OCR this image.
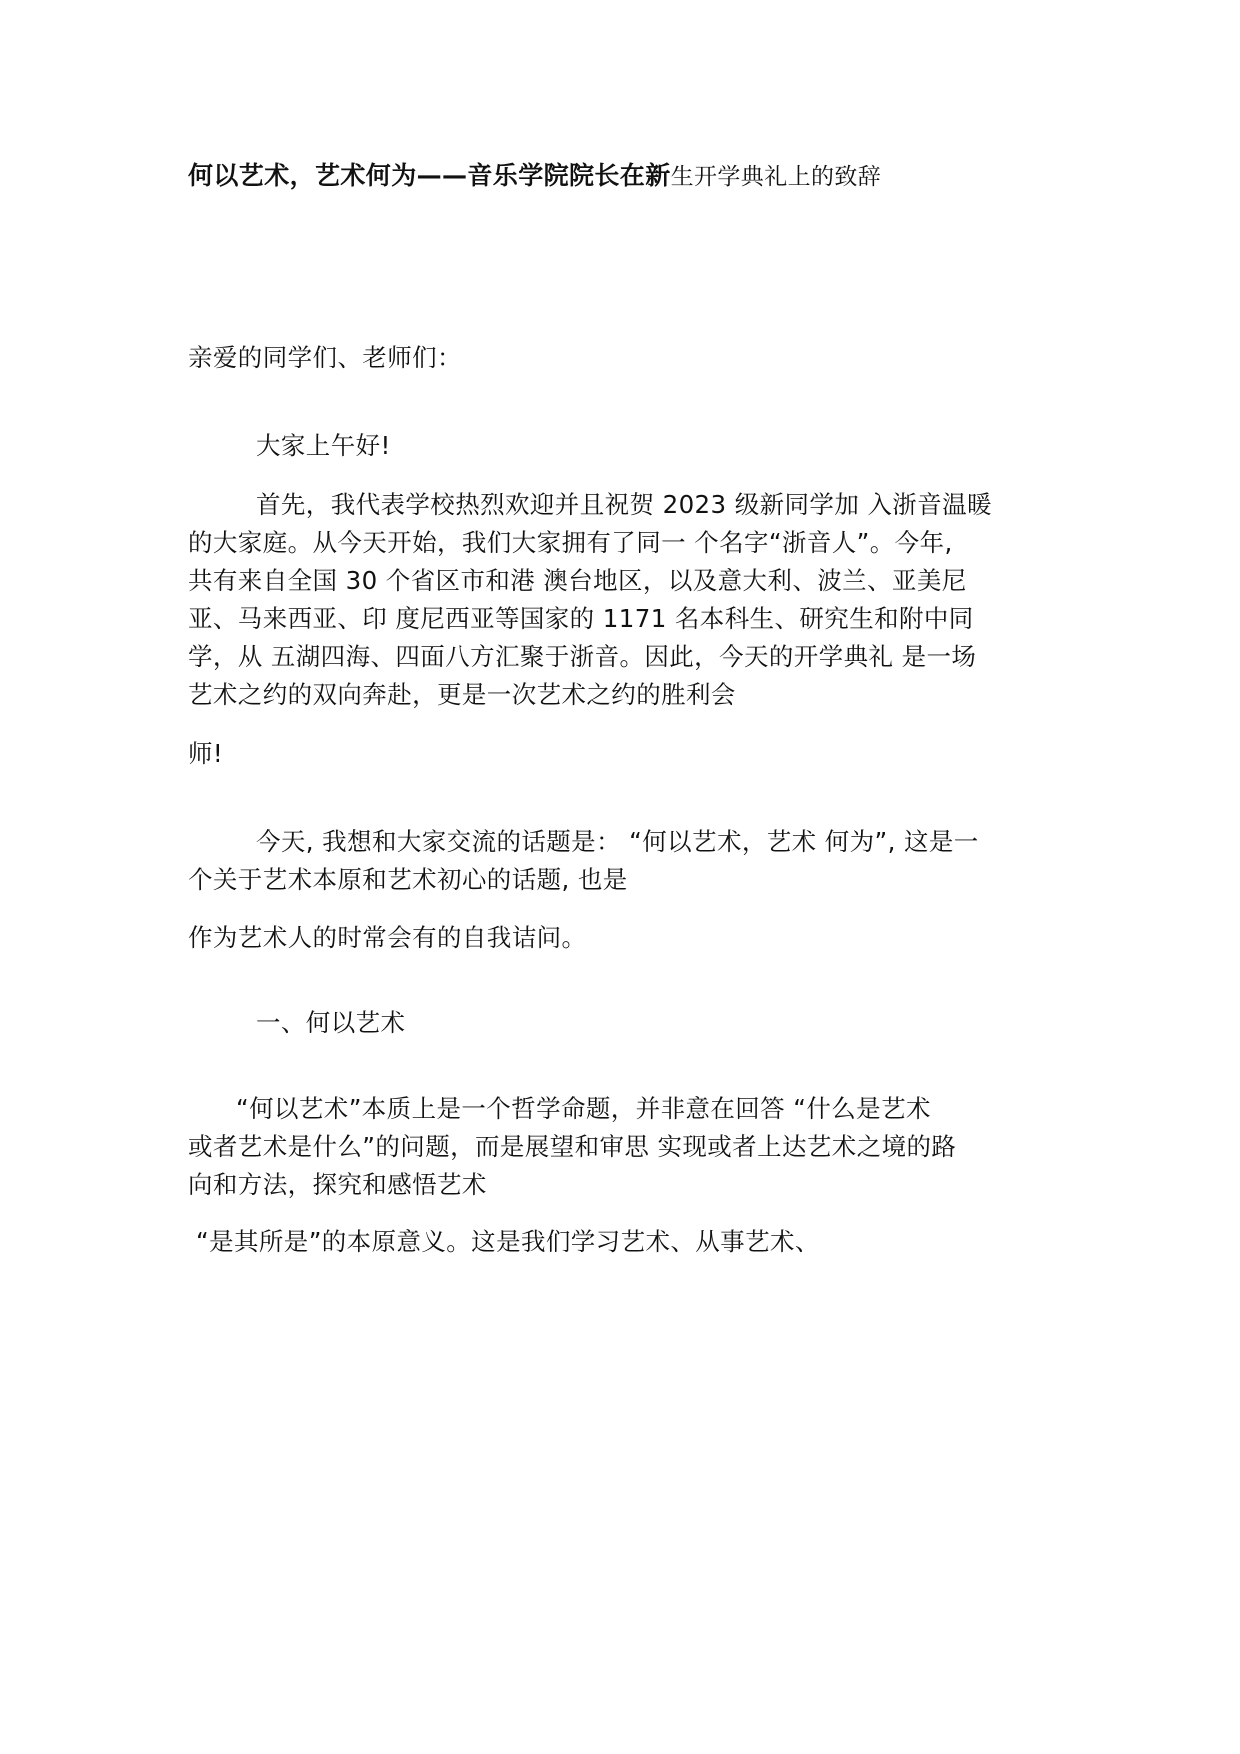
何以艺术，艺术何为——音乐学院院长在新生开学典礼上的致辞
亲爱的同学们、老师们：
大家上午好!
首先，我代表学校热烈欢迎并且祝贺 2023 级新同学加 入浙音温暖
的大家庭。从今天开始，我们大家拥有了同一 个名字“浙音人”。今年,
共有来自全国 30 个省区市和港 澳台地区，以及意大利、波兰、亚美尼
亚、马来西亚、印 度尼西亚等国家的 1171 名本科生、研究生和附中同
学，从 五湖四海、四面八方汇聚于浙音。因此，今天的开学典礼 是一场
艺术之约的双向奔赴，更是一次艺术之约的胜利会
师!
今天, 我想和大家交流的话题是： “何以艺术，艺术 何为”, 这是一
个关于艺术本原和艺术初心的话题, 也是
作为艺术人的时常会有的自我诘问。
一、何以艺术
“何以艺术”本质上是一个哲学命题，并非意在回答 “什么是艺术
或者艺术是什么”的问题，而是展望和审思 实现或者上达艺术之境的路
向和方法，探究和感悟艺术
“是其所是”的本原意义。这是我们学习艺术、从事艺术、
